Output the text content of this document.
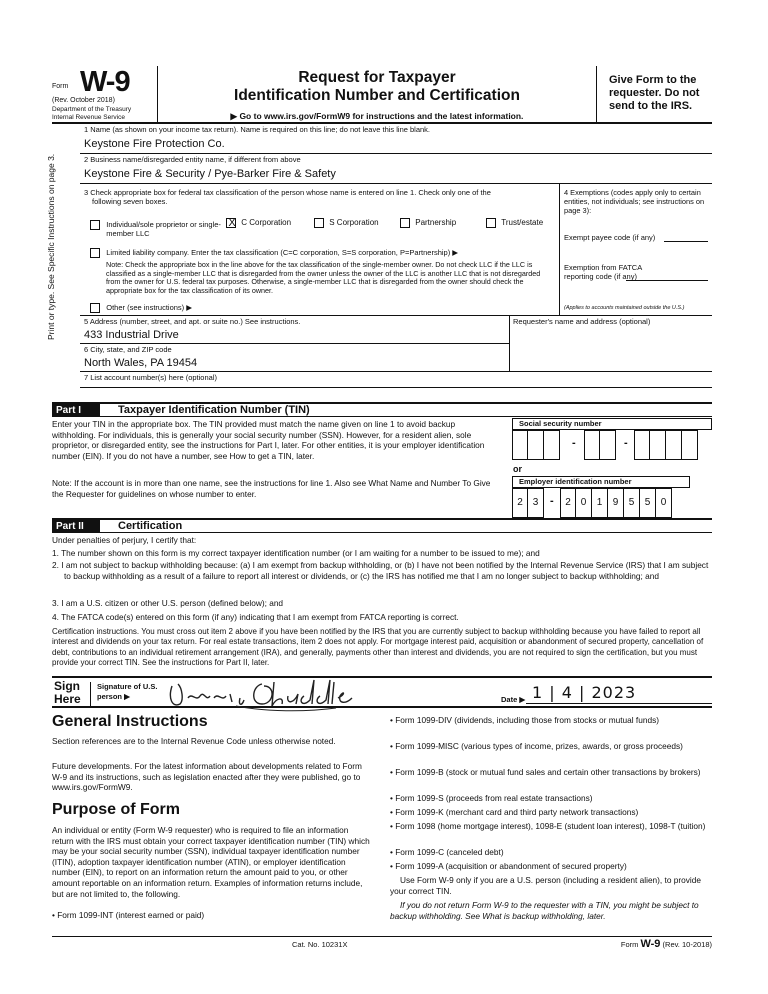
Form W-9
(Rev. October 2018)
Department of the Treasury
Internal Revenue Service
Request for Taxpayer
Identification Number and Certification
▶ Go to www.irs.gov/FormW9 for instructions and the latest information.
Give Form to the requester. Do not send to the IRS.
Print or type. See Specific Instructions on page 3.
1 Name (as shown on your income tax return). Name is required on this line; do not leave this line blank.
Keystone Fire Protection Co.
2 Business name/disregarded entity name, if different from above
Keystone Fire & Security / Pye-Barker Fire & Safety
3 Check appropriate box for federal tax classification of the person whose name is entered on line 1. Check only one of the
following seven boxes.
Individual/sole proprietor or single-member LLC
X C Corporation	S Corporation	Partnership	Trust/estate
Limited liability company. Enter the tax classification (C=C corporation, S=S corporation, P=Partnership) ▶
Note: Check the appropriate box in the line above for the tax classification of the single-member owner. Do not check LLC if the LLC is classified as a single-member LLC that is disregarded from the owner unless the owner of the LLC is another LLC that is not disregarded from the owner for U.S. federal tax purposes. Otherwise, a single-member LLC that is disregarded from the owner should check the appropriate box for the tax classification of its owner.
Other (see instructions) ▶
4 Exemptions (codes apply only to certain entities, not individuals; see instructions on page 3):
Exempt payee code (if any)
Exemption from FATCA reporting code (if any)
(Applies to accounts maintained outside the U.S.)
5 Address (number, street, and apt. or suite no.) See instructions.
433 Industrial Drive
Requester's name and address (optional)
6 City, state, and ZIP code
North Wales, PA 19454
7 List account number(s) here (optional)
Part I	Taxpayer Identification Number (TIN)
Enter your TIN in the appropriate box. The TIN provided must match the name given on line 1 to avoid backup withholding. For individuals, this is generally your social security number (SSN). However, for a resident alien, sole proprietor, or disregarded entity, see the instructions for Part I, later. For other entities, it is your employer identification number (EIN). If you do not have a number, see How to get a TIN, later.
Note: If the account is in more than one name, see the instructions for line 1. Also see What Name and Number To Give the Requester for guidelines on whose number to enter.
Social security number
-	-
or
Employer identification number
2 3	-	2 0	1	9	5	5	0
Part II	Certification
Under penalties of perjury, I certify that:
1. The number shown on this form is my correct taxpayer identification number (or I am waiting for a number to be issued to me); and
2. I am not subject to backup withholding because: (a) I am exempt from backup withholding, or (b) I have not been notified by the Internal Revenue Service (IRS) that I am subject to backup withholding as a result of a failure to report all interest or dividends, or (c) the IRS has notified me that I am no longer subject to backup withholding; and
3. I am a U.S. citizen or other U.S. person (defined below); and
4. The FATCA code(s) entered on this form (if any) indicating that I am exempt from FATCA reporting is correct.
Certification instructions. You must cross out item 2 above if you have been notified by the IRS that you are currently subject to backup withholding because you have failed to report all interest and dividends on your tax return. For real estate transactions, item 2 does not apply. For mortgage interest paid, acquisition or abandonment of secured property, cancellation of debt, contributions to an individual retirement arrangement (IRA), and generally, payments other than interest and dividends, you are not required to sign the certification, but you must provide your correct TIN. See the instructions for Part II, later.
Sign Here
Signature of U.S. person ▶	Date ▶ 1 | 4 | 2023
General Instructions
Section references are to the Internal Revenue Code unless otherwise noted.
Future developments. For the latest information about developments related to Form W-9 and its instructions, such as legislation enacted after they were published, go to www.irs.gov/FormW9.
Purpose of Form
An individual or entity (Form W-9 requester) who is required to file an information return with the IRS must obtain your correct taxpayer identification number (TIN) which may be your social security number (SSN), individual taxpayer identification number (ITIN), adoption taxpayer identification number (ATIN), or employer identification number (EIN), to report on an information return the amount paid to you, or other amount reportable on an information return. Examples of information returns include, but are not limited to, the following.
• Form 1099-INT (interest earned or paid)
• Form 1099-DIV (dividends, including those from stocks or mutual funds)
• Form 1099-MISC (various types of income, prizes, awards, or gross proceeds)
• Form 1099-B (stock or mutual fund sales and certain other transactions by brokers)
• Form 1099-S (proceeds from real estate transactions)
• Form 1099-K (merchant card and third party network transactions)
• Form 1098 (home mortgage interest), 1098-E (student loan interest), 1098-T (tuition)
• Form 1099-C (canceled debt)
• Form 1099-A (acquisition or abandonment of secured property)
Use Form W-9 only if you are a U.S. person (including a resident alien), to provide your correct TIN.
If you do not return Form W-9 to the requester with a TIN, you might be subject to backup withholding. See What is backup withholding, later.
Cat. No. 10231X	Form W-9 (Rev. 10-2018)
